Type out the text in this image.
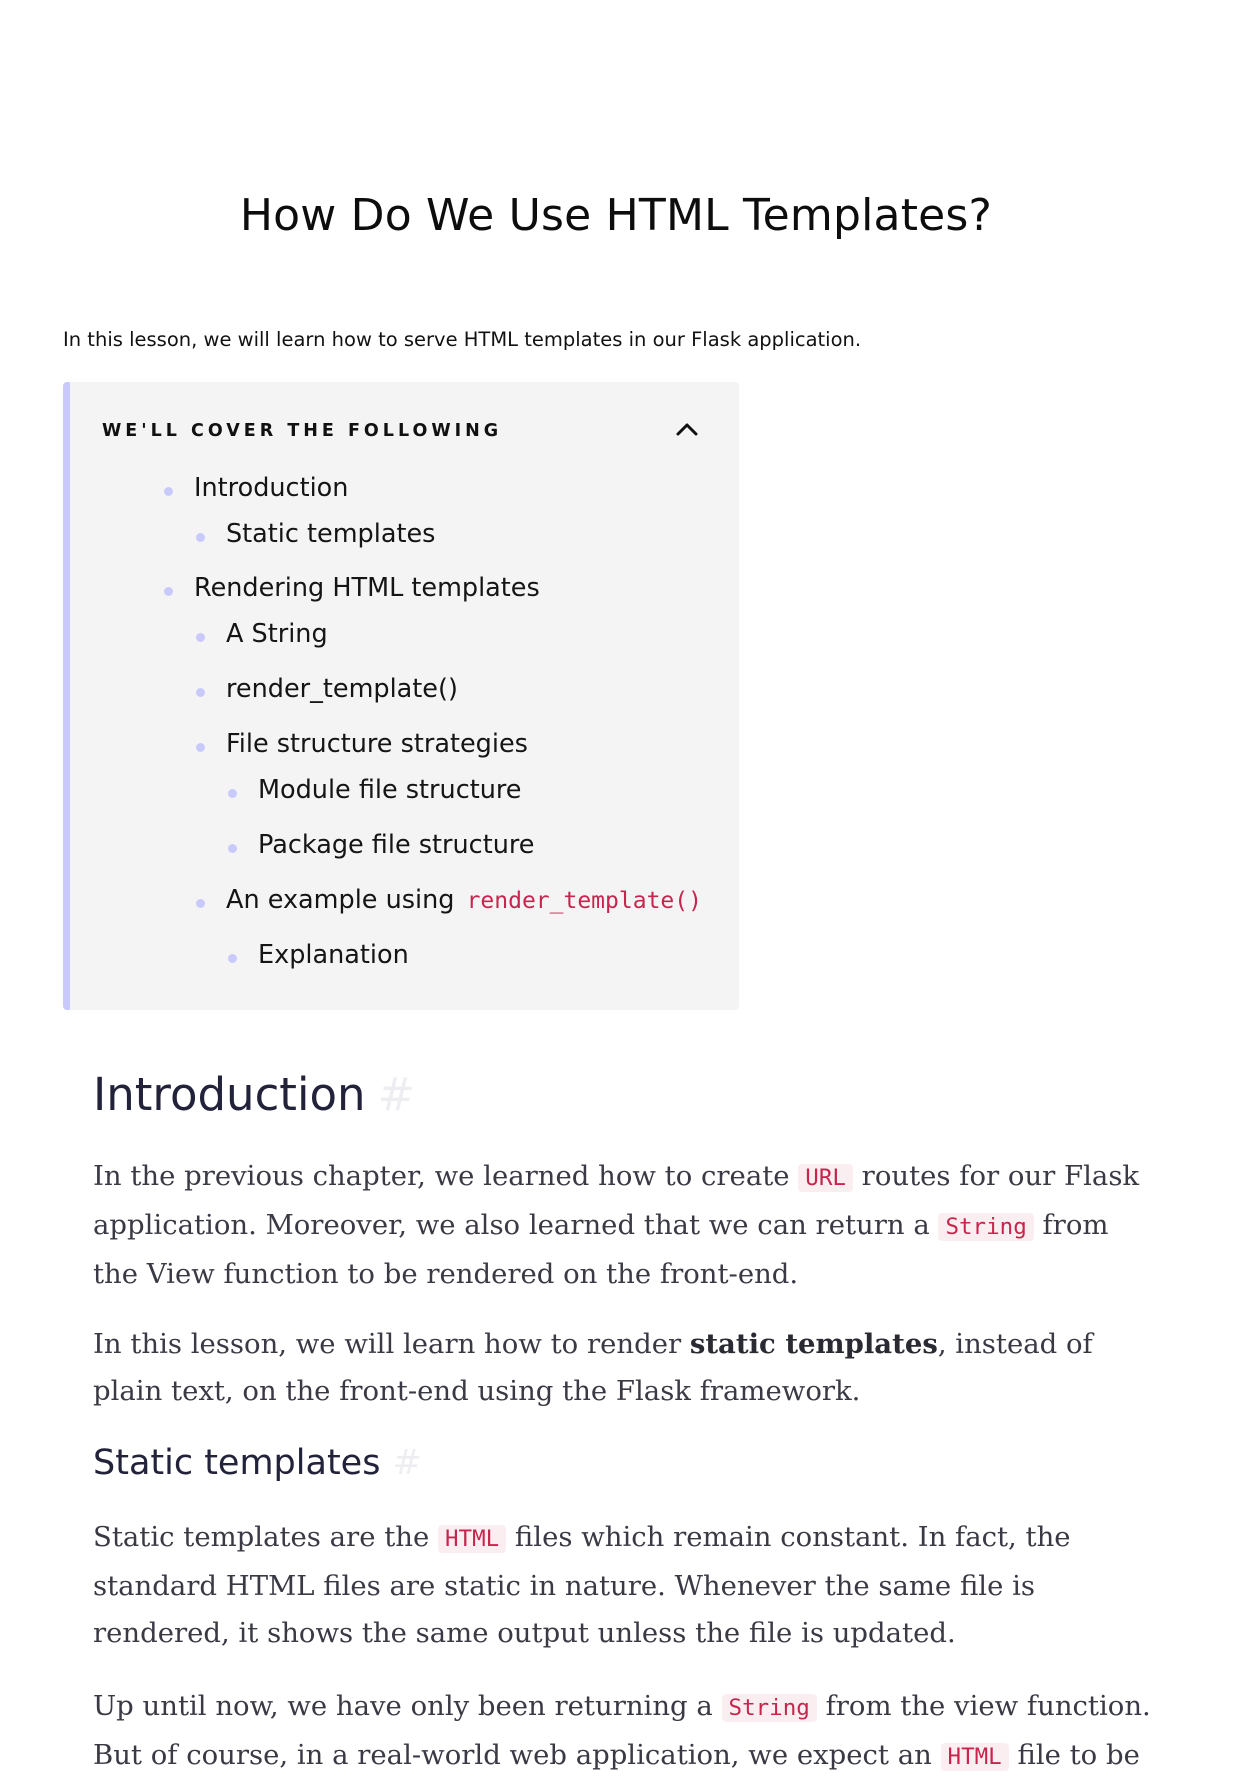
How Do We Use HTML Templates?

In this lesson, we will learn how to serve HTML templates in our Flask application.

WE'LL COVER THE FOLLOWING

Introduction
Static templates
Rendering HTML templates
A String
render_template()
File structure strategies
Module file structure
Package file structure
An example using render_template()
Explanation
Introduction #

In the previous chapter, we learned how to create URL routes for our Flask application. Moreover, we also learned that we can return a String from the View function to be rendered on the front-end.

In this lesson, we will learn how to render static templates, instead of plain text, on the front-end using the Flask framework.

Static templates #

Static templates are the HTML files which remain constant. In fact, the standard HTML files are static in nature. Whenever the same file is rendered, it shows the same output unless the file is updated.

Up until now, we have only been returning a String from the view function. But of course, in a real-world web application, we expect an HTML file to be
